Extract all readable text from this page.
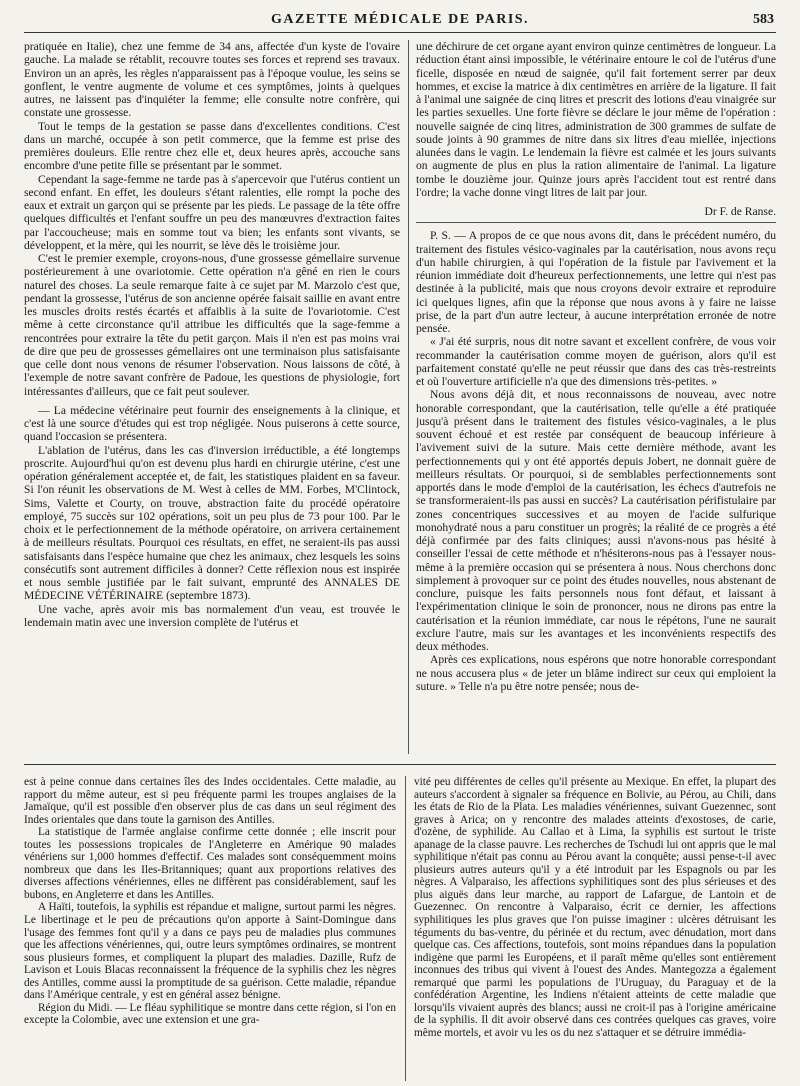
GAZETTE MÉDICALE DE PARIS.	583

pratiquée en Italie), chez une femme de 34 ans, affectée d'un kyste de l'ovaire gauche. La malade se rétablit, recouvre toutes ses forces et reprend ses travaux. Environ un an après, les règles n'apparaissent pas à l'époque voulue, les seins se gonflent, le ventre augmente de volume et ces symptômes, joints à quelques autres, ne laissent pas d'inquiéter la femme; elle consulte notre confrère, qui constate une grossesse.

Tout le temps de la gestation se passe dans d'excellentes conditions. C'est dans un marché, occupée à son petit commerce, que la femme est prise des premières douleurs. Elle rentre chez elle et, deux heures après, accouche sans encombre d'une petite fille se présentant par le sommet.

Cependant la sage-femme ne tarde pas à s'apercevoir que l'utérus contient un second enfant. En effet, les douleurs s'étant ralenties, elle rompt la poche des eaux et extrait un garçon qui se présente par les pieds. Le passage de la tête offre quelques difficultés et l'enfant souffre un peu des manœuvres d'extraction faites par l'accoucheuse; mais en somme tout va bien; les enfants sont vivants, se développent, et la mère, qui les nourrit, se lève dès le troisième jour.

C'est le premier exemple, croyons-nous, d'une grossesse gémellaire survenue postérieurement à une ovariotomie. Cette opération n'a gêné en rien le cours naturel des choses. La seule remarque faite à ce sujet par M. Marzolo c'est que, pendant la grossesse, l'utérus de son ancienne opérée faisait saillie en avant entre les muscles droits restés écartés et affaiblis à la suite de l'ovariotomie. C'est même à cette circonstance qu'il attribue les difficultés que la sage-femme a rencontrées pour extraire la tête du petit garçon. Mais il n'en est pas moins vrai de dire que peu de grossesses gémellaires ont une terminaison plus satisfaisante que celle dont nous venons de résumer l'observation. Nous laissons de côté, à l'exemple de notre savant confrère de Padoue, les questions de physiologie, fort intéressantes d'ailleurs, que ce fait peut soulever.

— La médecine vétérinaire peut fournir des enseignements à la clinique, et c'est là une source d'études qui est trop négligée. Nous puiserons à cette source, quand l'occasion se présentera.

L'ablation de l'utérus, dans les cas d'inversion irréductible, a été longtemps proscrite. Aujourd'hui qu'on est devenu plus hardi en chirurgie utérine, c'est une opération généralement acceptée et, de fait, les statistiques plaident en sa faveur. Si l'on réunit les observations de M. West à celles de MM. Forbes, M'Clintock, Sims, Valette et Courty, on trouve, abstraction faite du procédé opératoire employé, 75 succès sur 102 opérations, soit un peu plus de 73 pour 100. Par le choix et le perfectionnement de la méthode opératoire, on arrivera certainement à de meilleurs résultats. Pourquoi ces résultats, en effet, ne seraient-ils pas aussi satisfaisants dans l'espèce humaine que chez les animaux, chez lesquels les soins consécutifs sont autrement difficiles à donner? Cette réflexion nous est inspirée et nous semble justifiée par le fait suivant, emprunté des ANNALES DE MÉDECINE VÉTÉRINAIRE (septembre 1873).

Une vache, après avoir mis bas normalement d'un veau, est trouvée le lendemain matin avec une inversion complète de l'utérus et

une déchirure de cet organe ayant environ quinze centimètres de longueur. La réduction étant ainsi impossible, le vétérinaire entoure le col de l'utérus d'une ficelle, disposée en nœud de saignée, qu'il fait fortement serrer par deux hommes, et excise la matrice à dix centimètres en arrière de la ligature. Il fait à l'animal une saignée de cinq litres et prescrit des lotions d'eau vinaigrée sur les parties sexuelles. Une forte fièvre se déclare le jour même de l'opération : nouvelle saignée de cinq litres, administration de 300 grammes de sulfate de soude joints à 90 grammes de nitre dans six litres d'eau miellée, injections alunées dans le vagin. Le lendemain la fièvre est calmée et les jours suivants on augmente de plus en plus la ration alimentaire de l'animal. La ligature tombe le douzième jour. Quinze jours après l'accident tout est rentré dans l'ordre; la vache donne vingt litres de lait par jour.

Dr F. de Ranse.

P. S. — A propos de ce que nous avons dit, dans le précédent numéro, du traitement des fistules vésico-vaginales par la cautérisation, nous avons reçu d'un habile chirurgien, à qui l'opération de la fistule par l'avivement et la réunion immédiate doit d'heureux perfectionnements, une lettre qui n'est pas destinée à la publicité, mais que nous croyons devoir extraire et reproduire ici quelques lignes, afin que la réponse que nous avons à y faire ne laisse prise, de la part d'un autre lecteur, à aucune interprétation erronée de notre pensée.

« J'ai été surpris, nous dit notre savant et excellent confrère, de vous voir recommander la cautérisation comme moyen de guérison, alors qu'il est parfaitement constaté qu'elle ne peut réussir que dans des cas très-restreints et où l'ouverture artificielle n'a que des dimensions très-petites. »

Nous avons déjà dit, et nous reconnaissons de nouveau, avec notre honorable correspondant, que la cautérisation, telle qu'elle a été pratiquée jusqu'à présent dans le traitement des fistules vésico-vaginales, a le plus souvent échoué et est restée par conséquent de beaucoup inférieure à l'avivement suivi de la suture. Mais cette dernière méthode, avant les perfectionnements qui y ont été apportés depuis Jobert, ne donnait guère de meilleurs résultats. Or pourquoi, si de semblables perfectionnements sont apportés dans le mode d'emploi de la cautérisation, les échecs d'autrefois ne se transformeraient-ils pas aussi en succès? La cautérisation périfistulaire par zones concentriques successives et au moyen de l'acide sulfurique monohydraté nous a paru constituer un progrès; la réalité de ce progrès a été déjà confirmée par des faits cliniques; aussi n'avons-nous pas hésité à conseiller l'essai de cette méthode et n'hésiterons-nous pas à l'essayer nous-même à la première occasion qui se présentera à nous. Nous cherchons donc simplement à provoquer sur ce point des études nouvelles, nous abstenant de conclure, puisque les faits personnels nous font défaut, et laissant à l'expérimentation clinique le soin de prononcer, nous ne dirons pas entre la cautérisation et la réunion immédiate, car nous le répétons, l'une ne saurait exclure l'autre, mais sur les avantages et les inconvénients respectifs des deux méthodes.

Après ces explications, nous espérons que notre honorable correspondant ne nous accusera plus « de jeter un blâme indirect sur ceux qui emploient la suture. » Telle n'a pu être notre pensée; nous de-

est à peine connue dans certaines îles des Indes occidentales. Cette maladie, au rapport du même auteur, est si peu fréquente parmi les troupes anglaises de la Jamaïque, qu'il est possible d'en observer plus de cas dans un seul régiment des Indes orientales que dans toute la garnison des Antilles.

La statistique de l'armée anglaise confirme cette donnée ; elle inscrit pour toutes les possessions tropicales de l'Angleterre en Amérique 90 malades vénériens sur 1,000 hommes d'effectif. Ces malades sont conséquemment moins nombreux que dans les Iles-Britanniques; quant aux proportions relatives des diverses affections vénériennes, elles ne diffèrent pas considérablement, sauf les bubons, en Angleterre et dans les Antilles.

A Haïti, toutefois, la syphilis est répandue et maligne, surtout parmi les nègres. Le libertinage et le peu de précautions qu'on apporte à Saint-Domingue dans l'usage des femmes font qu'il y a dans ce pays peu de maladies plus communes que les affections vénériennes, qui, outre leurs symptômes ordinaires, se montrent sous plusieurs formes, et compliquent la plupart des maladies. Dazille, Rufz de Lavison et Louis Blacas reconnaissent la fréquence de la syphilis chez les nègres des Antilles, comme aussi la promptitude de sa guérison. Cette maladie, répandue dans l'Amérique centrale, y est en général assez bénigne.

Région du Midi. — Le fléau syphilitique se montre dans cette région, si l'on en excepte la Colombie, avec une extension et une gra-

vité peu différentes de celles qu'il présente au Mexique. En effet, la plupart des auteurs s'accordent à signaler sa fréquence en Bolivie, au Pérou, au Chili, dans les états de Rio de la Plata. Les maladies vénériennes, suivant Guezennec, sont graves à Arica; on y rencontre des malades atteints d'exostoses, de carie, d'ozène, de syphilide. Au Callao et à Lima, la syphilis est surtout le triste apanage de la classe pauvre. Les recherches de Tschudi lui ont appris que le mal syphilitique n'était pas connu au Pérou avant la conquête; aussi pense-t-il avec plusieurs autres auteurs qu'il y a été introduit par les Espagnols ou par les nègres. A Valparaiso, les affections syphilitiques sont des plus sérieuses et des plus aiguës dans leur marche, au rapport de Lafargue, de Lantoin et de Guezennec. On rencontre à Valparaiso, écrit ce dernier, les affections syphilitiques les plus graves que l'on puisse imaginer : ulcères détruisant les téguments du bas-ventre, du périnée et du rectum, avec dénudation, mort dans quelque cas. Ces affections, toutefois, sont moins répandues dans la population indigène que parmi les Européens, et il paraît même qu'elles sont entièrement inconnues des tribus qui vivent à l'ouest des Andes. Mantegozza a également remarqué que parmi les populations de l'Uruguay, du Paraguay et de la confédération Argentine, les Indiens n'étaient atteints de cette maladie que lorsqu'ils vivaient auprès des blancs; aussi ne croit-il pas à l'origine américaine de la syphilis. Il dit avoir observé dans ces contrées quelques cas graves, voire même mortels, et avoir vu les os du nez s'attaquer et se détruire immédia-
